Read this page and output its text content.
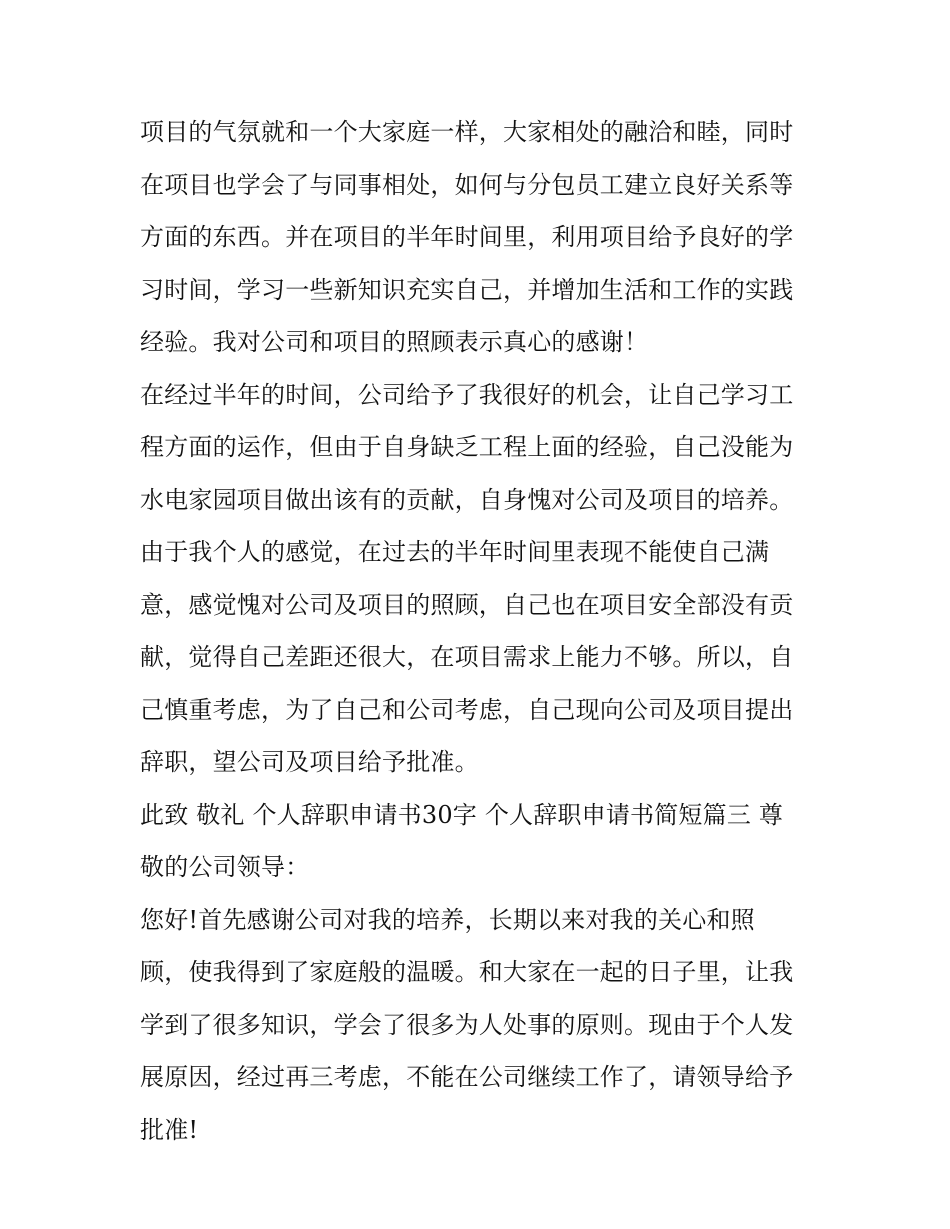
项目的气氛就和一个大家庭一样，大家相处的融洽和睦，同时
在项目也学会了与同事相处，如何与分包员工建立良好关系等
方面的东西。并在项目的半年时间里，利用项目给予良好的学
习时间，学习一些新知识充实自己，并增加生活和工作的实践
经验。我对公司和项目的照顾表示真心的感谢！
在经过半年的时间，公司给予了我很好的机会，让自己学习工
程方面的运作，但由于自身缺乏工程上面的经验，自己没能为
水电家园项目做出该有的贡献，自身愧对公司及项目的培养。
由于我个人的感觉，在过去的半年时间里表现不能使自己满
意，感觉愧对公司及项目的照顾，自己也在项目安全部没有贡
献，觉得自己差距还很大，在项目需求上能力不够。所以，自
己慎重考虑，为了自己和公司考虑，自己现向公司及项目提出
辞职，望公司及项目给予批准。
此致 敬礼 个人辞职申请书30字 个人辞职申请书简短篇三 尊
敬的公司领导：
您好!首先感谢公司对我的培养，长期以来对我的关心和照
顾，使我得到了家庭般的温暖。和大家在一起的日子里，让我
学到了很多知识，学会了很多为人处事的原则。现由于个人发
展原因，经过再三考虑，不能在公司继续工作了，请领导给予
批准!
